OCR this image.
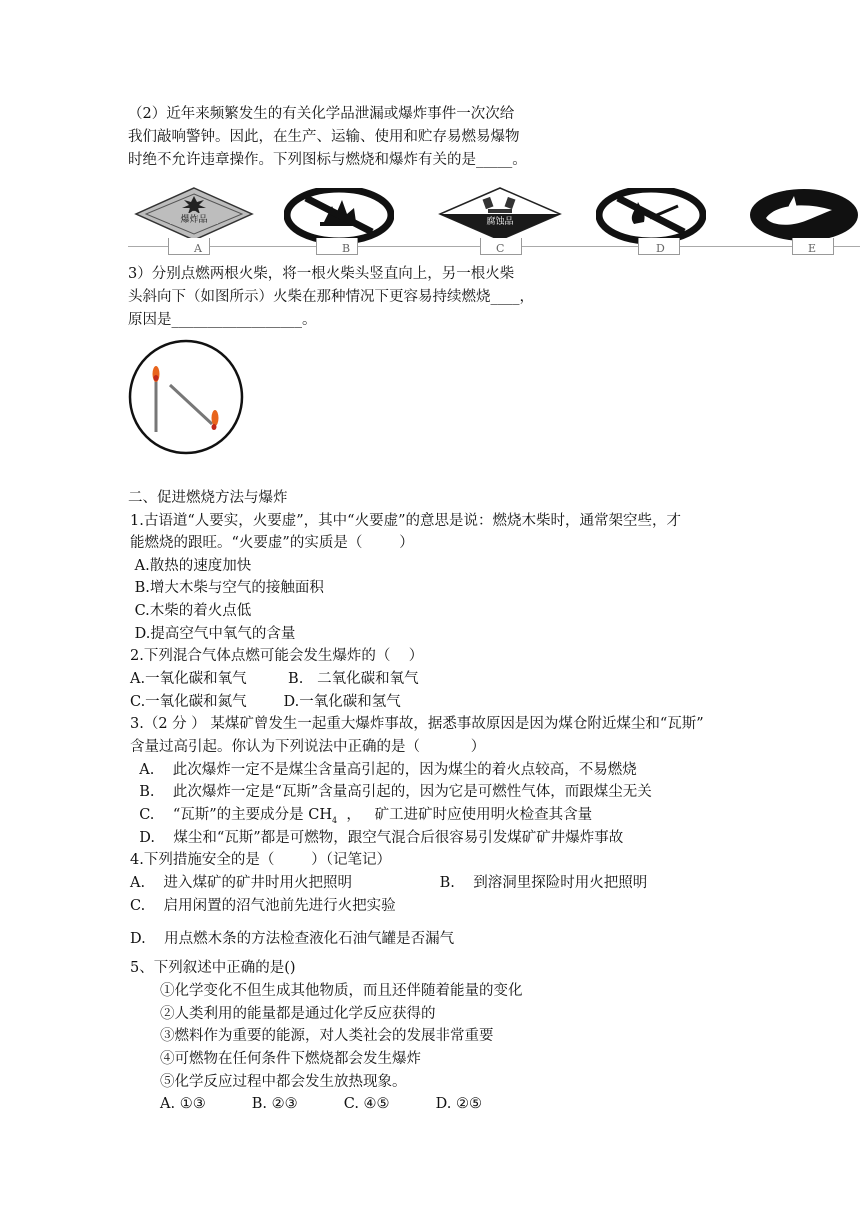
（2）近年来频繁发生的有关化学品泄漏或爆炸事件一次次给
我们敲响警钟。因此，在生产、运输、使用和贮存易燃易爆物
时绝不允许违章操作。下列图标与燃烧和爆炸有关的是_____。
爆炸品
A	B
腐蚀品
C	D	E
3）分别点燃两根火柴，将一根火柴头竖直向上，另一根火柴
头斜向下（如图所示）火柴在那种情况下更容易持续燃烧____，
原因是__________________。
二、促进燃烧方法与爆炸
1.古语道“人要实，火要虚”，其中“火要虚”的意思是说：燃烧木柴时，通常架空些，才
能燃烧的跟旺。“火要虚”的实质是（        ）
A.散热的速度加快
B.增大木柴与空气的接触面积
C.木柴的着火点低
D.提高空气中氧气的含量
2.下列混合气体点燃可能会发生爆炸的（    ）
A.一氧化碳和氧气         B.   二氧化碳和氧气
C.一氧化碳和氮气        D.一氧化碳和氢气
3.（2 分 ） 某煤矿曾发生一起重大爆炸事故，据悉事故原因是因为煤仓附近煤尘和“瓦斯”
含量过高引起。你认为下列说法中正确的是（           ）
A.    此次爆炸一定不是煤尘含量高引起的，因为煤尘的着火点较高，不易燃烧
B.    此次爆炸一定是“瓦斯”含量高引起的，因为它是可燃性气体，而跟煤尘无关
C.    “瓦斯”的主要成分是 $CH_4$  ，   矿工进矿时应使用明火检查其含量
D.    煤尘和“瓦斯”都是可燃物，跟空气混合后很容易引发煤矿矿井爆炸事故
4.下列措施安全的是（        ）（记笔记）
A.    进入煤矿的矿井时用火把照明                   B.    到溶洞里探险时用火把照明
C.    启用闲置的沼气池前先进行火把实验
D.    用点燃木条的方法检查液化石油气罐是否漏气
5、下列叙述中正确的是()
①化学变化不但生成其他物质，而且还伴随着能量的变化
②人类利用的能量都是通过化学反应获得的
③燃料作为重要的能源，对人类社会的发展非常重要
④可燃物在任何条件下燃烧都会发生爆炸
⑤化学反应过程中都会发生放热现象。
A. ①③          B. ②③          C. ④⑤          D. ②⑤
